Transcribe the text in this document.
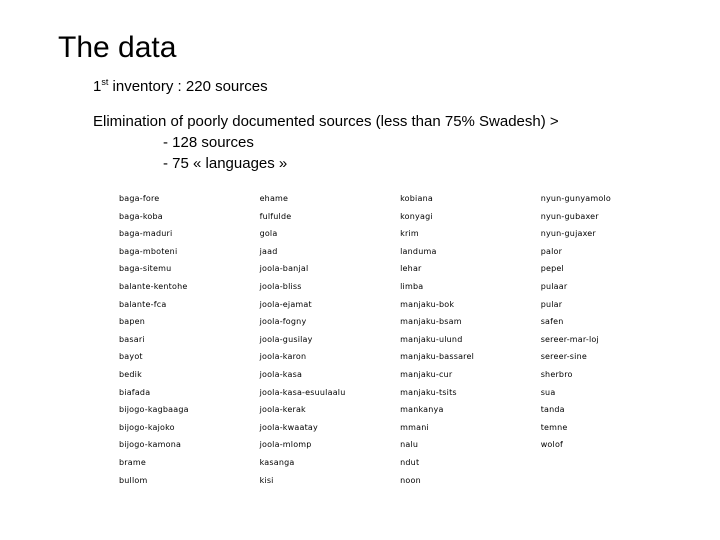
The data
1st inventory : 220 sources
Elimination of poorly documented sources (less than 75% Swadesh) >
- 128 sources
- 75 « languages »
baga-fore	ehame	kobiana	nyun-gunyamolo
baga-koba	fulfulde	konyagi	nyun-gubaxer
baga-maduri	gola	krim	nyun-gujaxer
baga-mboteni	jaad	landuma	palor
baga-sitemu	joola-banjal	lehar	pepel
balante-kentohe	joola-bliss	limba	pulaar
balante-fca	joola-ejamat	manjaku-bok	pular
bapen	joola-fogny	manjaku-bsam	safen
basari	joola-gusilay	manjaku-ulund	sereer-mar-loj
bayot	joola-karon	manjaku-bassarel	sereer-sine
bedik	joola-kasa	manjaku-cur	sherbro
biafada	joola-kasa-esuulaalu	manjaku-tsits	sua
bijogo-kagbaaga	joola-kerak	mankanya	tanda
bijogo-kajoko	joola-kwaatay	mmani	temne
bijogo-kamona	joola-mlomp	nalu	wolof
brame	kasanga	ndut
bullom	kisi	noon
